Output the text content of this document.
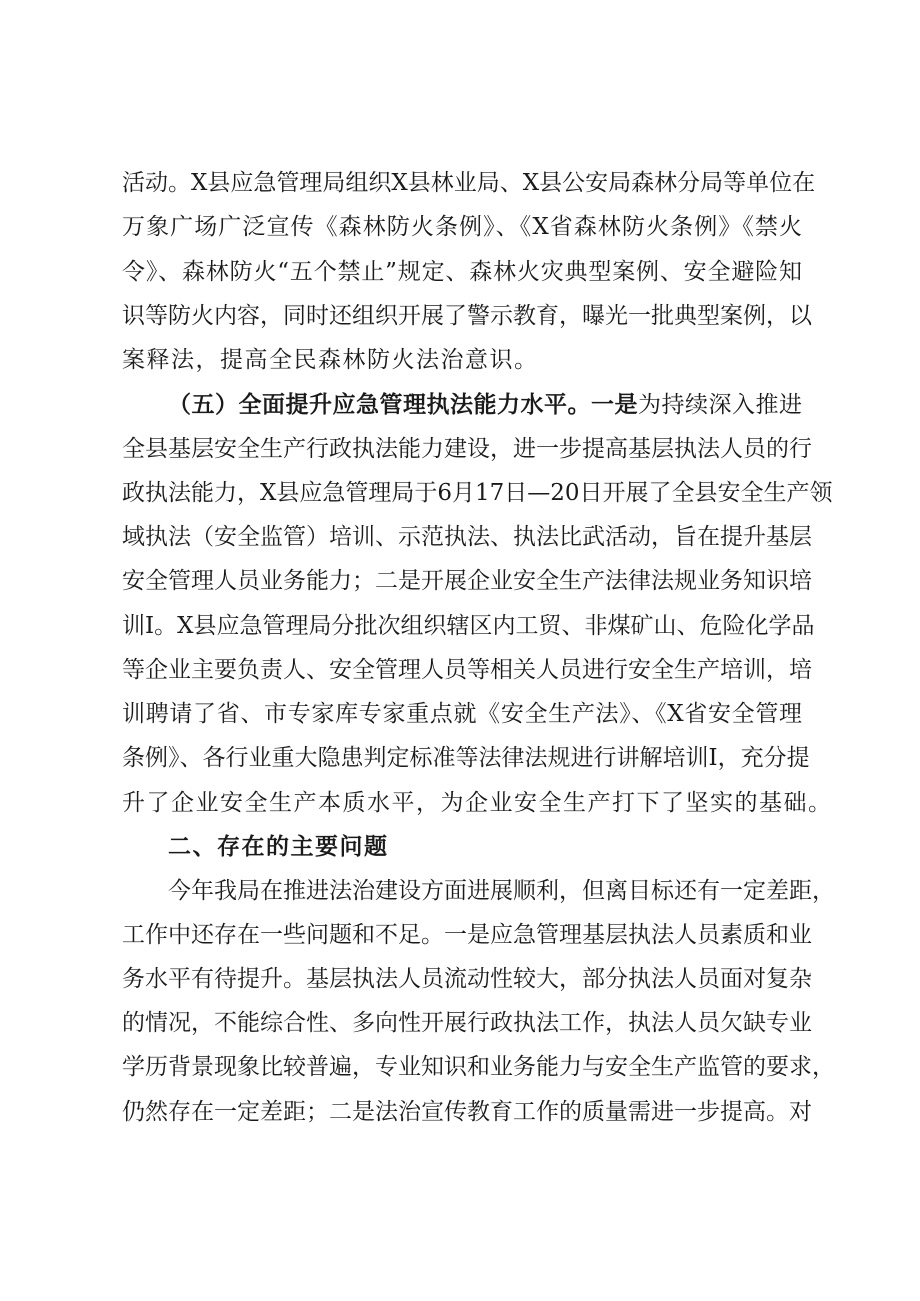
活动。X县应急管理局组织X县林业局、X县公安局森林分局等单位在
万象广场广泛宣传《森林防火条例》、《X省森林防火条例》《禁火
令》、森林防火“五个禁止”规定、森林火灾典型案例、安全避险知
识等防火内容，同时还组织开展了警示教育，曝光一批典型案例，以
案释法，提高全民森林防火法治意识。
（五）全面提升应急管理执法能力水平。一是为持续深入推进
全县基层安全生产行政执法能力建设，进一步提高基层执法人员的行
政执法能力，X县应急管理局于6月17日—20日开展了全县安全生产领
域执法（安全监管）培训、示范执法、执法比武活动，旨在提升基层
安全管理人员业务能力；二是开展企业安全生产法律法规业务知识培
训I。X县应急管理局分批次组织辖区内工贸、非煤矿山、危险化学品
等企业主要负责人、安全管理人员等相关人员进行安全生产培训，培
训聘请了省、市专家库专家重点就《安全生产法》、《X省安全管理
条例》、各行业重大隐患判定标准等法律法规进行讲解培训I，充分提
升了企业安全生产本质水平，为企业安全生产打下了坚实的基础。
二、存在的主要问题
今年我局在推进法治建设方面进展顺利，但离目标还有一定差距，
工作中还存在一些问题和不足。一是应急管理基层执法人员素质和业
务水平有待提升。基层执法人员流动性较大，部分执法人员面对复杂
的情况，不能综合性、多向性开展行政执法工作，执法人员欠缺专业
学历背景现象比较普遍，专业知识和业务能力与安全生产监管的要求，
仍然存在一定差距；二是法治宣传教育工作的质量需进一步提高。对
